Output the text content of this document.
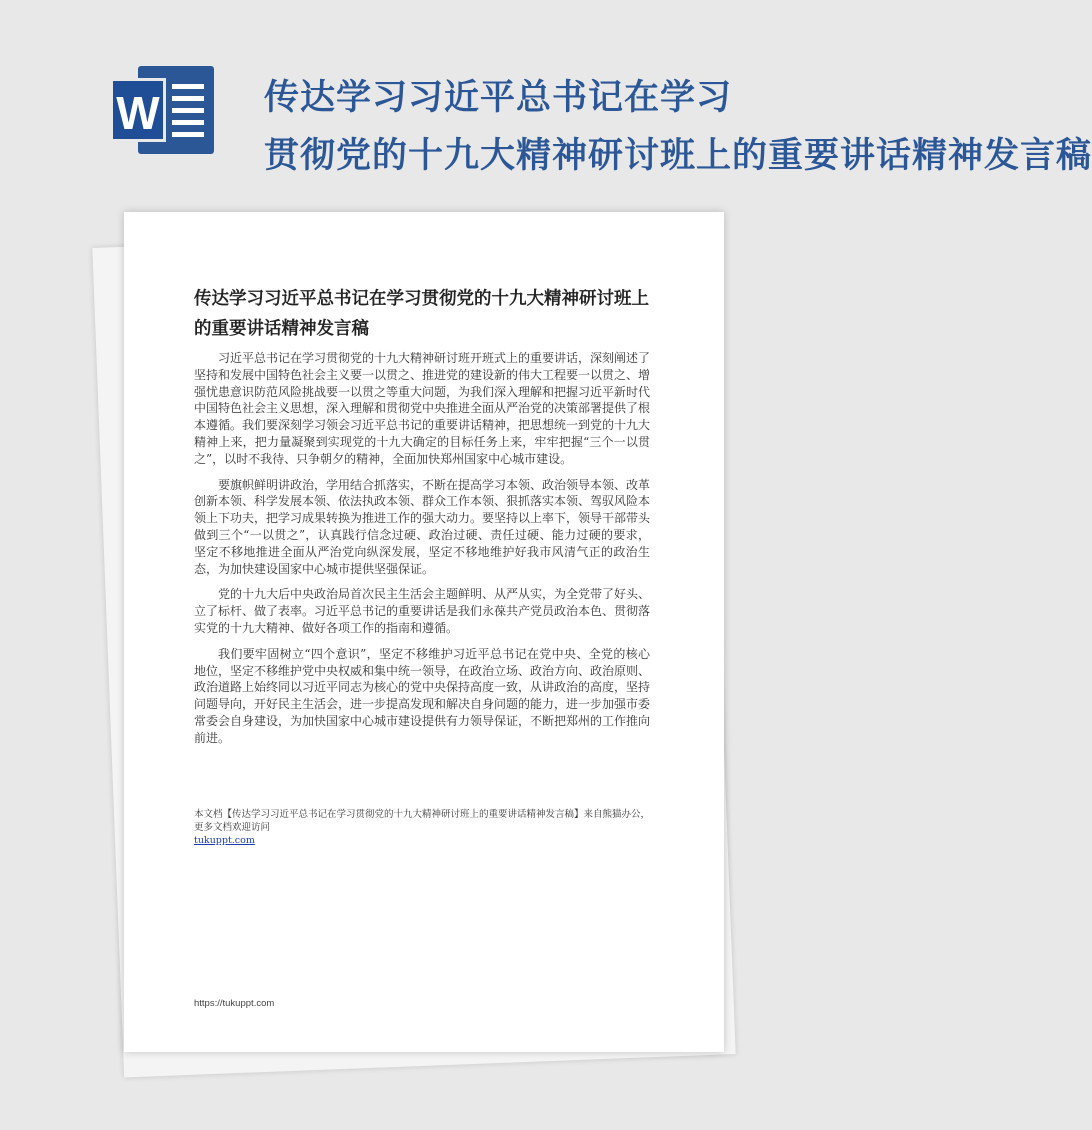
W	传达学习习近平总书记在学习
贯彻党的十九大精神研讨班上的重要讲话精神发言稿
传达学习习近平总书记在学习贯彻党的十九大精神研讨班上的重要讲话精神发言稿

习近平总书记在学习贯彻党的十九大精神研讨班开班式上的重要讲话，深刻阐述了坚持和发展中国特色社会主义要一以贯之、推进党的建设新的伟大工程要一以贯之、增强忧患意识防范风险挑战要一以贯之等重大问题，为我们深入理解和把握习近平新时代中国特色社会主义思想，深入理解和贯彻党中央推进全面从严治党的决策部署提供了根本遵循。我们要深刻学习领会习近平总书记的重要讲话精神，把思想统一到党的十九大精神上来，把力量凝聚到实现党的十九大确定的目标任务上来，牢牢把握“三个一以贯之”，以时不我待、只争朝夕的精神，全面加快郑州国家中心城市建设。

要旗帜鲜明讲政治，学用结合抓落实，不断在提高学习本领、政治领导本领、改革创新本领、科学发展本领、依法执政本领、群众工作本领、狠抓落实本领、驾驭风险本领上下功夫，把学习成果转换为推进工作的强大动力。要坚持以上率下，领导干部带头做到三个“一以贯之”，认真践行信念过硬、政治过硬、责任过硬、能力过硬的要求，坚定不移地推进全面从严治党向纵深发展，坚定不移地维护好我市风清气正的政治生态，为加快建设国家中心城市提供坚强保证。

党的十九大后中央政治局首次民主生活会主题鲜明、从严从实，为全党带了好头、立了标杆、做了表率。习近平总书记的重要讲话是我们永葆共产党员政治本色、贯彻落实党的十九大精神、做好各项工作的指南和遵循。

我们要牢固树立“四个意识”，坚定不移维护习近平总书记在党中央、全党的核心地位，坚定不移维护党中央权威和集中统一领导，在政治立场、政治方向、政治原则、政治道路上始终同以习近平同志为核心的党中央保持高度一致，从讲政治的高度，坚持问题导向，开好民主生活会，进一步提高发现和解决自身问题的能力，进一步加强市委常委会自身建设，为加快国家中心城市建设提供有力领导保证，不断把郑州的工作推向前进。

本文档【传达学习习近平总书记在学习贯彻党的十九大精神研讨班上的重要讲话精神发言稿】来自熊猫办公，更多文档欢迎访问
tukuppt.com
https://tukuppt.com
